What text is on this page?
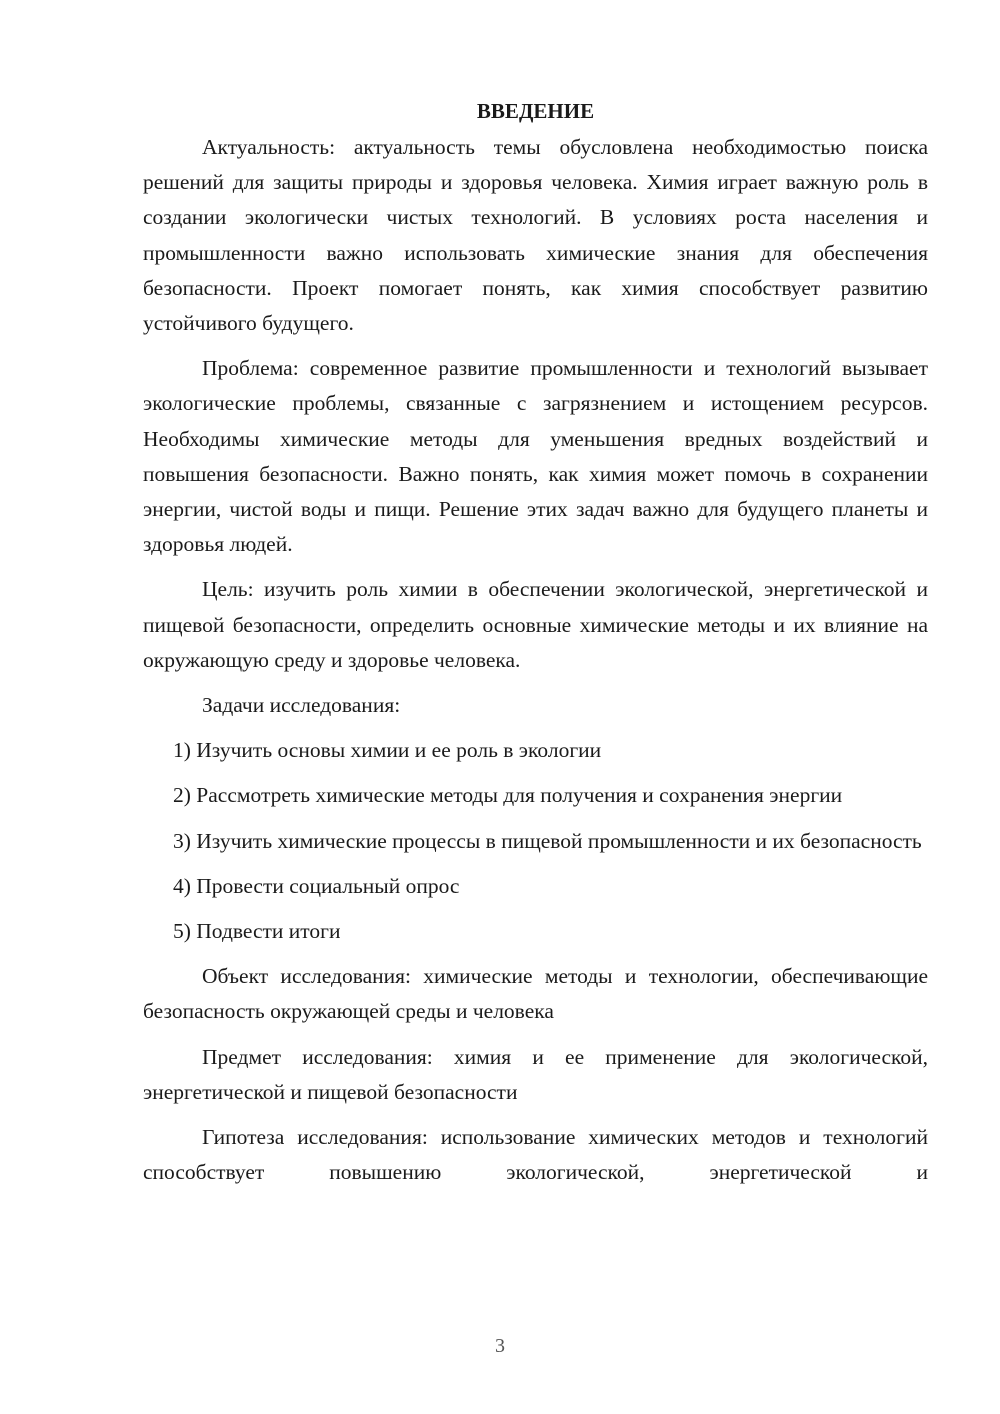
ВВЕДЕНИЕ

Актуальность: актуальность темы обусловлена необходимостью поиска решений для защиты природы и здоровья человека. Химия играет важную роль в создании экологически чистых технологий. В условиях роста населения и промышленности важно использовать химические знания для обеспечения безопасности. Проект помогает понять, как химия способствует развитию устойчивого будущего.

Проблема: современное развитие промышленности и технологий вызывает экологические проблемы, связанные с загрязнением и истощением ресурсов. Необходимы химические методы для уменьшения вредных воздействий и повышения безопасности. Важно понять, как химия может помочь в сохранении энергии, чистой воды и пищи. Решение этих задач важно для будущего планеты и здоровья людей.

Цель: изучить роль химии в обеспечении экологической, энергетической и пищевой безопасности, определить основные химические методы и их влияние на окружающую среду и здоровье человека.

Задачи исследования:

1) Изучить основы химии и ее роль в экологии

2) Рассмотреть химические методы для получения и сохранения энергии

3) Изучить химические процессы в пищевой промышленности и их безопасность

4) Провести социальный опрос

5) Подвести итоги

Объект исследования: химические методы и технологии, обеспечивающие безопасность окружающей среды и человека

Предмет исследования: химия и ее применение для экологической, энергетической и пищевой безопасности

Гипотеза исследования: использование химических методов и технологий способствует повышению экологической, энергетической и

3
